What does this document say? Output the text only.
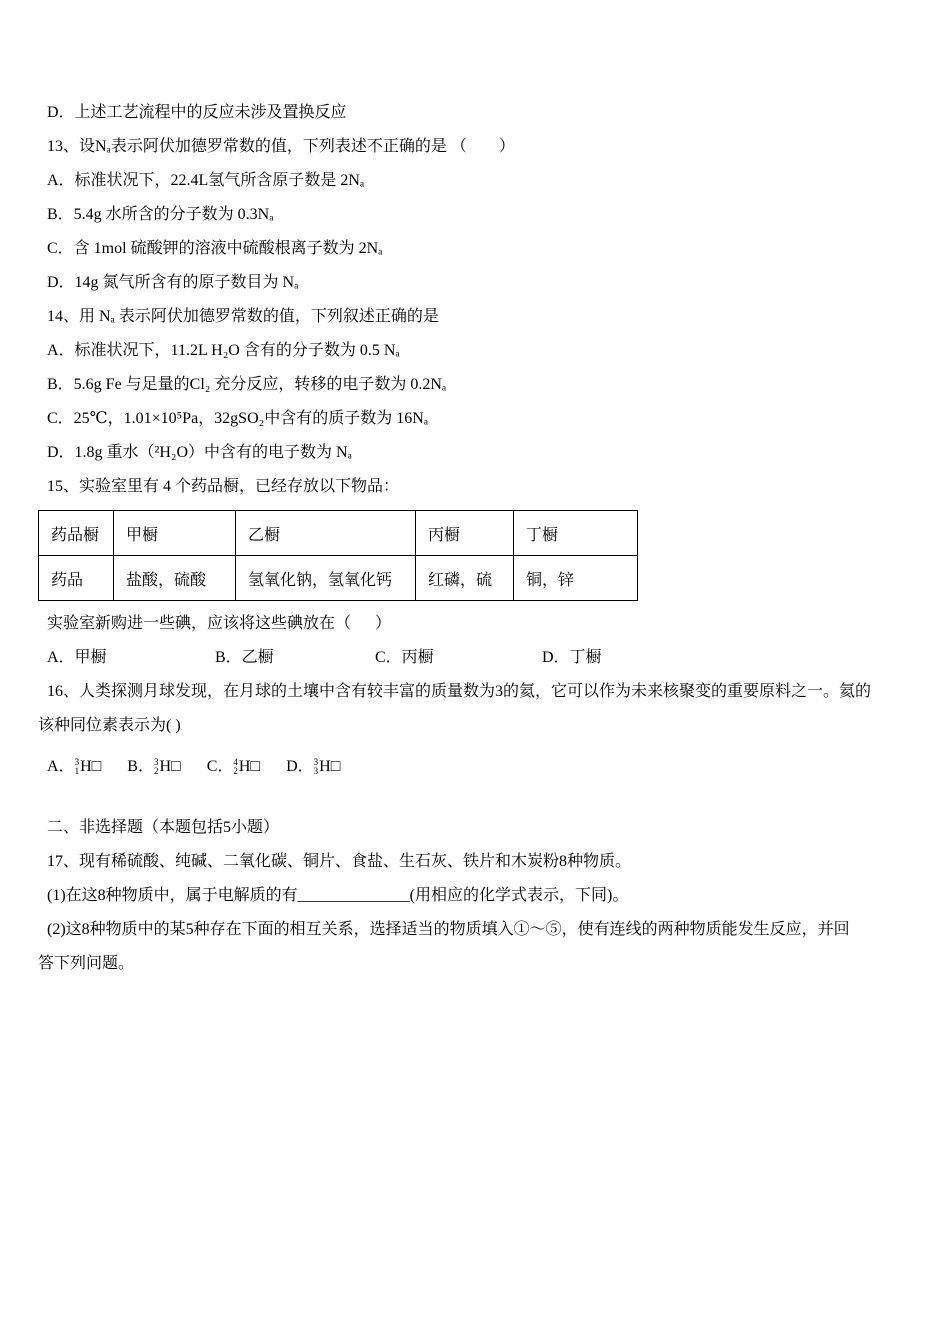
D．上述工艺流程中的反应未涉及置换反应
13、设Nₐ表示阿伏加德罗常数的值，下列表述不正确的是 （        ）
A．标准状况下，22.4L氢气所含原子数是 2Nₐ
B．5.4g 水所含的分子数为 0.3Nₐ
C．含 1mol 硫酸钾的溶液中硫酸根离子数为 2Nₐ
D．14g 氮气所含有的原子数目为 Nₐ
14、用 Nₐ 表示阿伏加德罗常数的值，下列叙述正确的是
A．标准状况下，11.2L H₂O 含有的分子数为 0.5 Nₐ
B．5.6g Fe 与足量的Cl₂ 充分反应，转移的电子数为 0.2Nₐ
C．25℃，1.01×10⁵Pa，32gSO₂中含有的质子数为 16Nₐ
D．1.8g 重水（²H₂O）中含有的电子数为 Nₐ
15、实验室里有 4 个药品橱，已经存放以下物品：
药品橱	甲橱	乙橱	丙橱	丁橱
药品	盐酸，硫酸	氢氧化钠，氢氧化钙	红磷，硫	铜，锌
实验室新购进一些碘，应该将这些碘放在（      ）
A．甲橱	B．乙橱	C．丙橱	D．丁橱
16、人类探测月球发现，在月球的土壤中含有较丰富的质量数为3的氦，它可以作为未来核聚变的重要原料之一。氦的
该种同位素表示为( )
A． 3
1 H□ B． 3
2 H□ C． 4
2 H□ D． 3
3 H□
二、非选择题（本题包括5小题）
17、现有稀硫酸、纯碱、二氧化碳、铜片、食盐、生石灰、铁片和木炭粉8种物质。
(1)在这8种物质中，属于电解质的有______________(用相应的化学式表示，下同)。
(2)这8种物质中的某5种存在下面的相互关系，选择适当的物质填入①～⑤，使有连线的两种物质能发生反应，并回
答下列问题。
